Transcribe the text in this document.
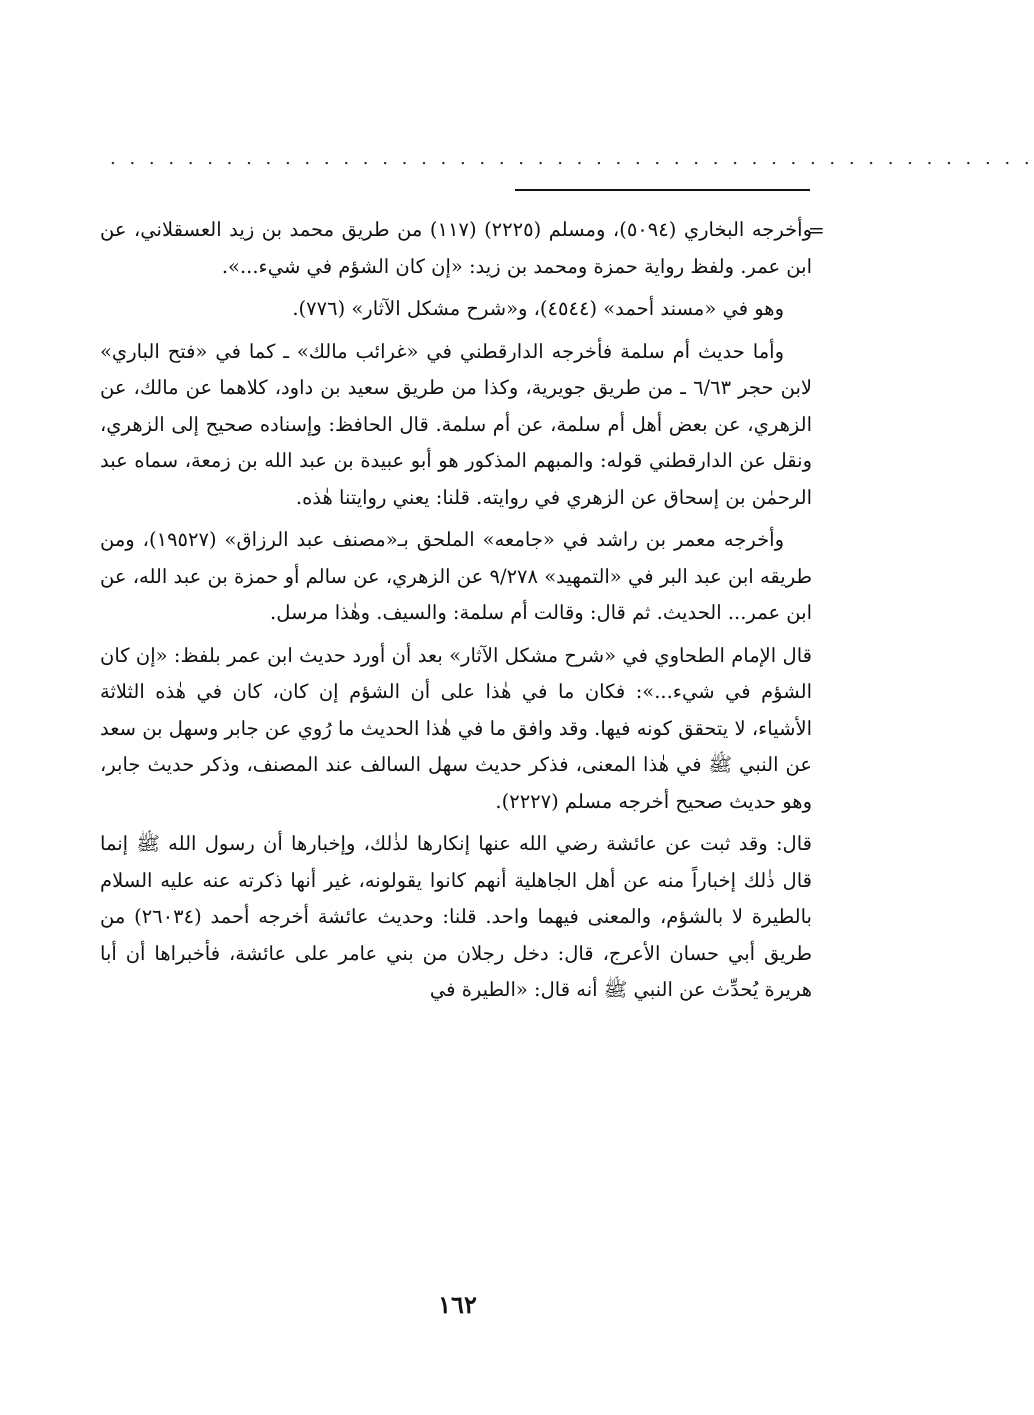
. . . . . . . . . . . . . . . . . . . . . . . . . . . . . . . . . . . . . . . . . . . . . . . .
=

وأخرجه البخاري (٥٠٩٤)، ومسلم (٢٢٢٥) (١١٧) من طريق محمد بن زيد العسقلاني، عن ابن عمر. ولفظ رواية حمزة ومحمد بن زيد: «إن كان الشؤم في شيء...».

وهو في «مسند أحمد» (٤٥٤٤)، و«شرح مشكل الآثار» (٧٧٦).

وأما حديث أم سلمة فأخرجه الدارقطني في «غرائب مالك» ـ كما في «فتح الباري» لابن حجر ٦/٦٣ ـ من طريق جويرية، وكذا من طريق سعيد بن داود، كلاهما عن مالك، عن الزهري، عن بعض أهل أم سلمة، عن أم سلمة. قال الحافظ: وإسناده صحيح إلى الزهري، ونقل عن الدارقطني قوله: والمبهم المذكور هو أبو عبيدة بن عبد الله بن زمعة، سماه عبد الرحمٰن بن إسحاق عن الزهري في روايته. قلنا: يعني روايتنا هٰذه.

وأخرجه معمر بن راشد في «جامعه» الملحق بـ«مصنف عبد الرزاق» (١٩٥٢٧)، ومن طريقه ابن عبد البر في «التمهيد» ٩/٢٧٨ عن الزهري، عن سالم أو حمزة بن عبد الله، عن ابن عمر... الحديث. ثم قال: وقالت أم سلمة: والسيف. وهٰذا مرسل.

قال الإمام الطحاوي في «شرح مشكل الآثار» بعد أن أورد حديث ابن عمر بلفظ: «إن كان الشؤم في شيء...»: فكان ما في هٰذا على أن الشؤم إن كان، كان في هٰذه الثلاثة الأشياء، لا يتحقق كونه فيها. وقد وافق ما في هٰذا الحديث ما رُوي عن جابر وسهل بن سعد عن النبي ﷺ في هٰذا المعنى، فذكر حديث سهل السالف عند المصنف، وذكر حديث جابر، وهو حديث صحيح أخرجه مسلم (٢٢٢٧).

قال: وقد ثبت عن عائشة رضي الله عنها إنكارها لذٰلك، وإخبارها أن رسول الله ﷺ إنما قال ذٰلك إخباراً منه عن أهل الجاهلية أنهم كانوا يقولونه، غير أنها ذكرته عنه عليه السلام بالطيرة لا بالشؤم، والمعنى فيهما واحد. قلنا: وحديث عائشة أخرجه أحمد (٢٦٠٣٤) من طريق أبي حسان الأعرج، قال: دخل رجلان من بني عامر على عائشة، فأخبراها أن أبا هريرة يُحدِّث عن النبي ﷺ أنه قال: «الطيرة في

١٦٢
